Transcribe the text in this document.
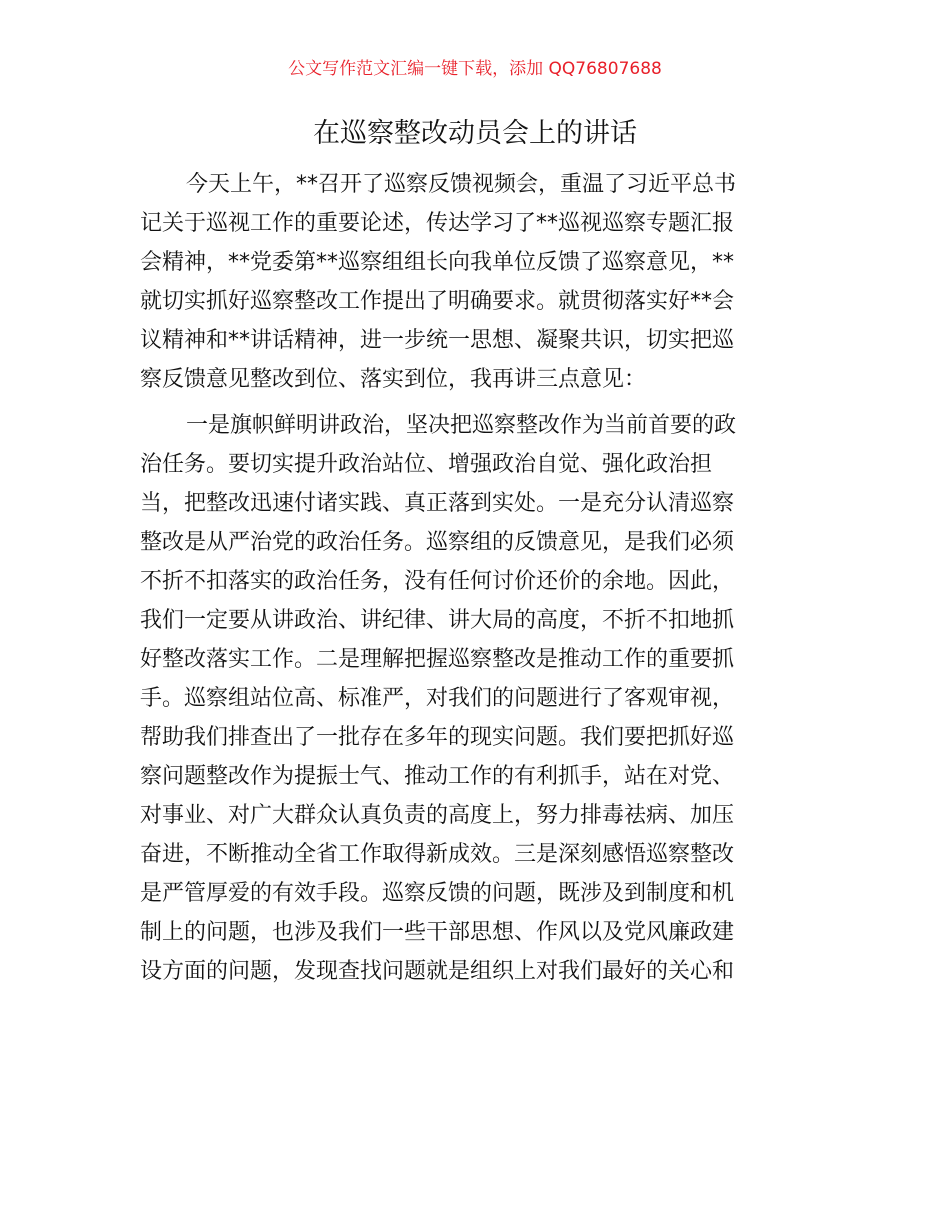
公文写作范文汇编一键下载，添加 QQ76807688
在巡察整改动员会上的讲话
今天上午，**召开了巡察反馈视频会，重温了习近平总书
记关于巡视工作的重要论述，传达学习了**巡视巡察专题汇报
会精神，**党委第**巡察组组长向我单位反馈了巡察意见，**
就切实抓好巡察整改工作提出了明确要求。就贯彻落实好**会
议精神和**讲话精神，进一步统一思想、凝聚共识，切实把巡
察反馈意见整改到位、落实到位，我再讲三点意见：
一是旗帜鲜明讲政治，坚决把巡察整改作为当前首要的政
治任务。要切实提升政治站位、增强政治自觉、强化政治担
当，把整改迅速付诸实践、真正落到实处。一是充分认清巡察
整改是从严治党的政治任务。巡察组的反馈意见，是我们必须
不折不扣落实的政治任务，没有任何讨价还价的余地。因此，
我们一定要从讲政治、讲纪律、讲大局的高度，不折不扣地抓
好整改落实工作。二是理解把握巡察整改是推动工作的重要抓
手。巡察组站位高、标准严，对我们的问题进行了客观审视，
帮助我们排查出了一批存在多年的现实问题。我们要把抓好巡
察问题整改作为提振士气、推动工作的有利抓手，站在对党、
对事业、对广大群众认真负责的高度上，努力排毒祛病、加压
奋进，不断推动全省工作取得新成效。三是深刻感悟巡察整改
是严管厚爱的有效手段。巡察反馈的问题，既涉及到制度和机
制上的问题，也涉及我们一些干部思想、作风以及党风廉政建
设方面的问题，发现查找问题就是组织上对我们最好的关心和
